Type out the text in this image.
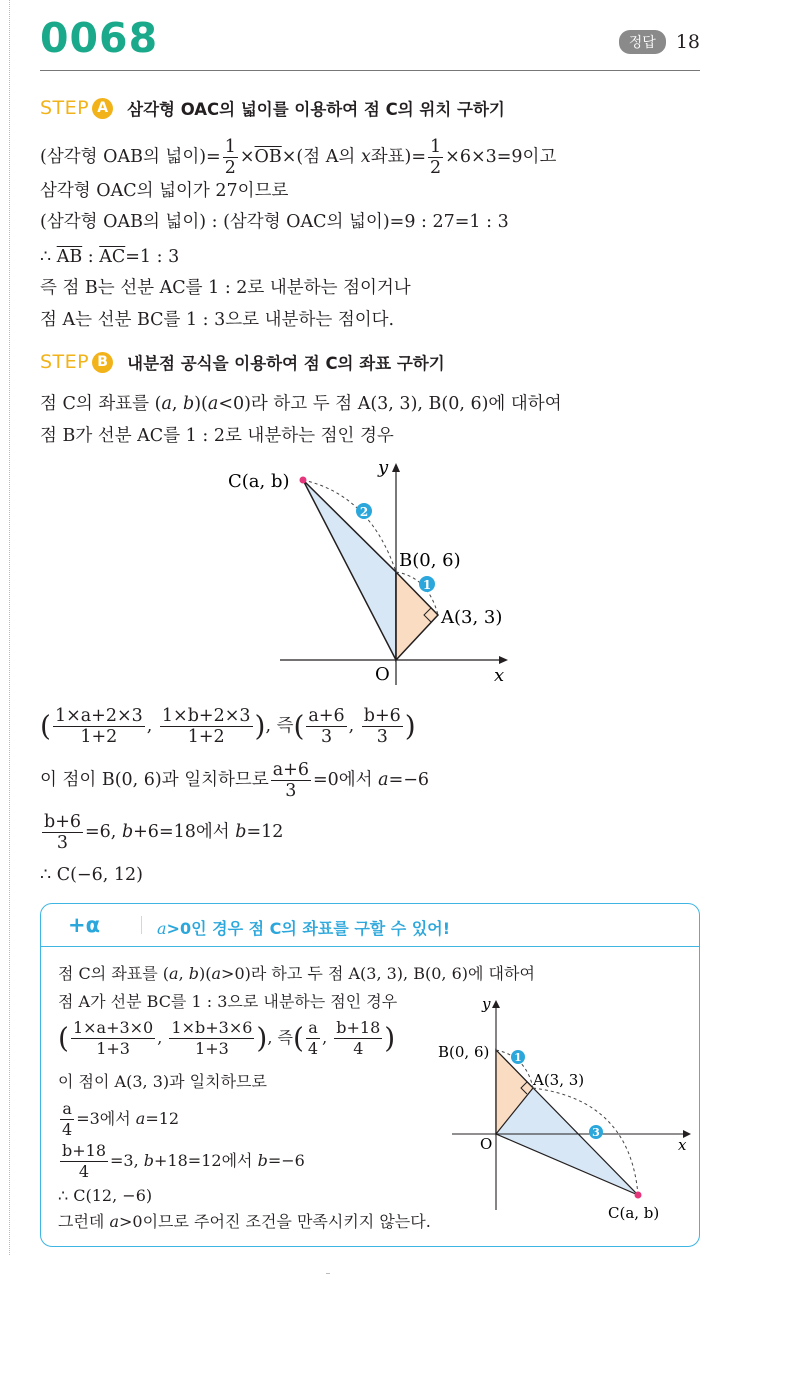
0068	정답	18
STEP A	삼각형 OAC의 넓이를 이용하여 점 C의 위치 구하기
(삼각형 OAB의 넓이)= $\frac{1}{2} \times\overline{OB}\times$(점 A의 x좌표)= $\frac{1}{2} \times 6\times 3=9$이고
삼각형 OAC의 넓이가 27이므로
(삼각형 OAB의 넓이) : (삼각형 OAC의 넓이)=9 : 27=1 : 3
∴ $\overline{AB}$ : $\overline{AC}=1$ : 3
즉 점 B는 선분 AC를 1 : 2로 내분하는 점이거나
점 A는 선분 BC를 1 : 3으로 내분하는 점이다.
STEP B	내분점 공식을 이용하여 점 C의 좌표 구하기
점 C의 좌표를 (a, b)(a<0)라 하고 두 점 A(3, 3), B(0, 6)에 대하여
점 B가 선분 AC를 1 : 2로 내분하는 점인 경우
1
2
C(a, b)
B(0, 6)
A(3, 3)
O
y
x
( $\frac{1\times a+2\times 3}{1+2}$ , $\frac{1\times b+2\times 3}{1+2}$ ), 즉( $\frac{a+6}{3}$ , $\frac{b+6}{3}$ )
이 점이 B(0, 6)과 일치하므로 $\frac{a+6}{3} =0$에서 a=−6
$\frac{b+6}{3} =6$, b+6=18에서 b=12
∴ C(−6, 12)
+α	a>0인 경우 점 C의 좌표를 구할 수 있어!
점 C의 좌표를 (a, b)(a>0)라 하고 두 점 A(3, 3), B(0, 6)에 대하여
점 A가 선분 BC를 1 : 3으로 내분하는 점인 경우
( $\frac{1\times a+3\times 0}{1+3}$ , $\frac{1\times b+3\times 6}{1+3}$ ), 즉( $\frac{a}{4}$ , $\frac{b+18}{4}$ )
이 점이 A(3, 3)과 일치하므로
$\frac{a}{4} =3$에서 a=12
$\frac{b+18}{4} =3$, b+18=12에서 b=−6
∴ C(12, −6)
그런데 a>0이므로 주어진 조건을 만족시키지 않는다.
1
3
B(0, 6)
A(3, 3)
O
C(a, b)
y
x
